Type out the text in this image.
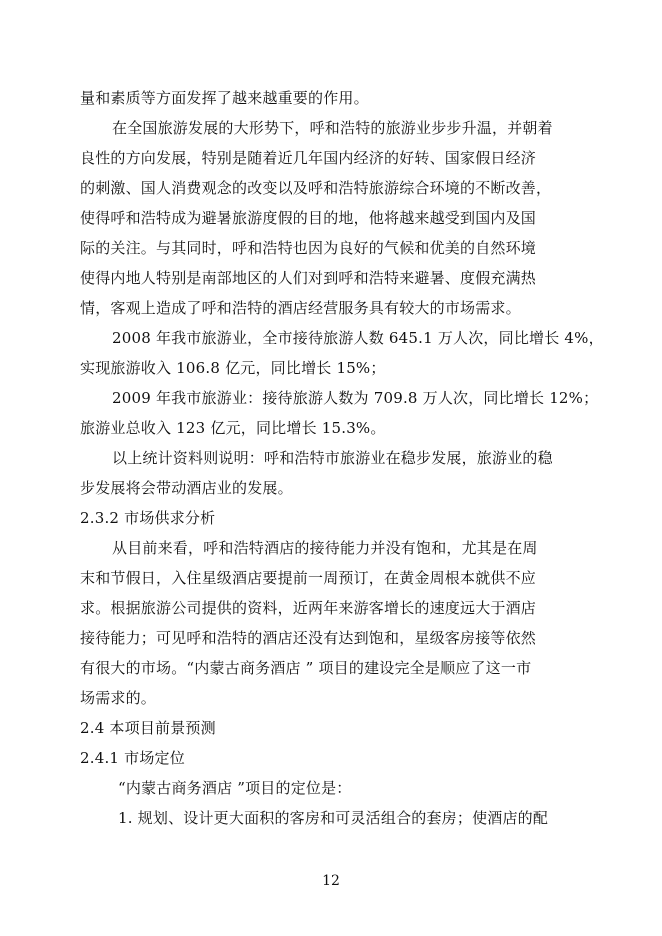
量和素质等方面发挥了越来越重要的作用。
在全国旅游发展的大形势下，呼和浩特的旅游业步步升温，并朝着
良性的方向发展，特别是随着近几年国内经济的好转、国家假日经济
的刺激、国人消费观念的改变以及呼和浩特旅游综合环境的不断改善，
使得呼和浩特成为避暑旅游度假的目的地，他将越来越受到国内及国
际的关注。与其同时，呼和浩特也因为良好的气候和优美的自然环境
使得内地人特别是南部地区的人们对到呼和浩特来避暑、度假充满热
情，客观上造成了呼和浩特的酒店经营服务具有较大的市场需求。
2008 年我市旅游业，全市接待旅游人数 645.1 万人次，同比增长 4%，
实现旅游收入 106.8 亿元，同比增长 15%；
2009 年我市旅游业：接待旅游人数为 709.8 万人次，同比增长 12%；
旅游业总收入 123 亿元，同比增长 15.3%。
以上统计资料则说明：呼和浩特市旅游业在稳步发展，旅游业的稳
步发展将会带动酒店业的发展。
2.3.2 市场供求分析
从目前来看，呼和浩特酒店的接待能力并没有饱和，尤其是在周
末和节假日，入住星级酒店要提前一周预订，在黄金周根本就供不应
求。根据旅游公司提供的资料，近两年来游客增长的速度远大于酒店
接待能力；可见呼和浩特的酒店还没有达到饱和，星级客房接等依然
有很大的市场。“内蒙古商务酒店 ” 项目的建设完全是顺应了这一市
场需求的。
2.4 本项目前景预测
2.4.1 市场定位
“内蒙古商务酒店 ”项目的定位是：
1. 规划、设计更大面积的客房和可灵活组合的套房；使酒店的配
12
